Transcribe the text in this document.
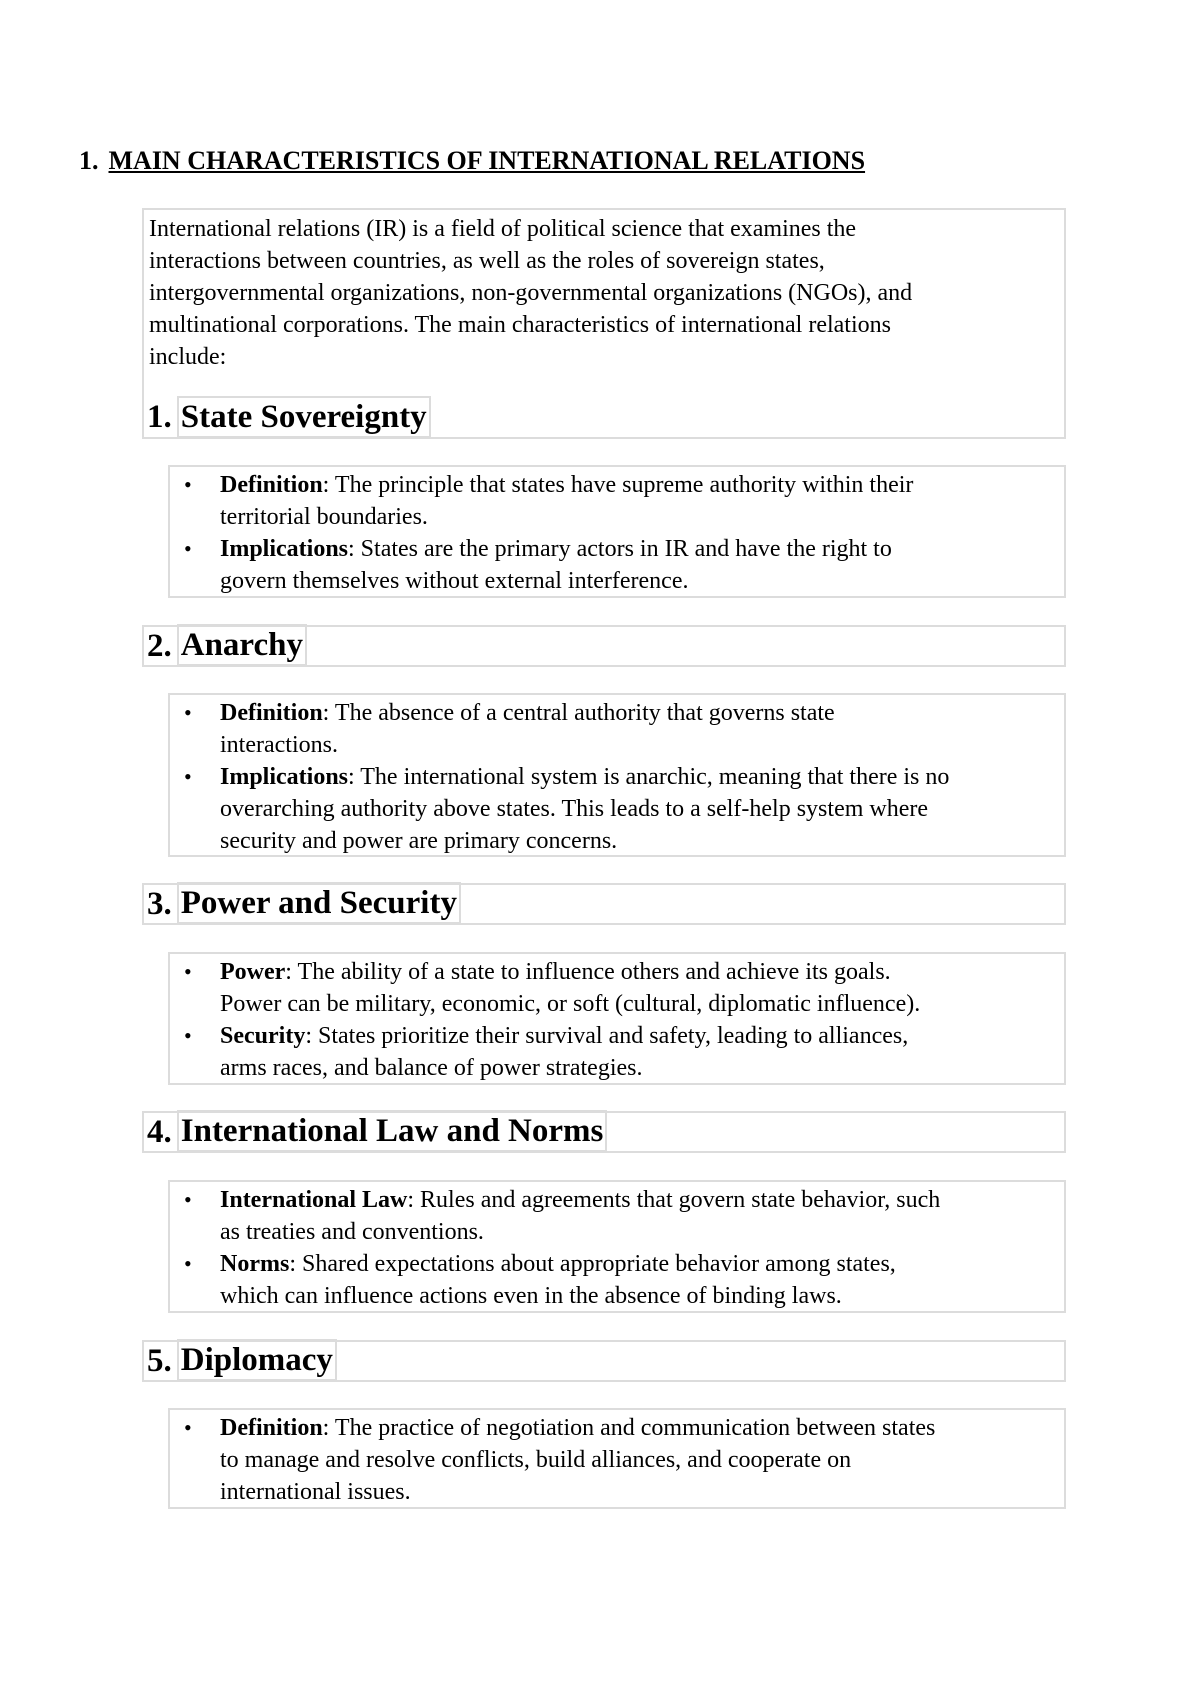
1. MAIN CHARACTERISTICS OF INTERNATIONAL RELATIONS
International relations (IR) is a field of political science that examines the
interactions between countries, as well as the roles of sovereign states,
intergovernmental organizations, non-governmental organizations (NGOs), and
multinational corporations. The main characteristics of international relations
include:
1. State Sovereignty
• Definition: The principle that states have supreme authority within their
territorial boundaries.
• Implications: States are the primary actors in IR and have the right to
govern themselves without external interference.
2. Anarchy
• Definition: The absence of a central authority that governs state
interactions.
• Implications: The international system is anarchic, meaning that there is no
overarching authority above states. This leads to a self-help system where
security and power are primary concerns.
3. Power and Security
• Power: The ability of a state to influence others and achieve its goals.
Power can be military, economic, or soft (cultural, diplomatic influence).
• Security: States prioritize their survival and safety, leading to alliances,
arms races, and balance of power strategies.
4. International Law and Norms
• International Law: Rules and agreements that govern state behavior, such
as treaties and conventions.
• Norms: Shared expectations about appropriate behavior among states,
which can influence actions even in the absence of binding laws.
5. Diplomacy
• Definition: The practice of negotiation and communication between states
to manage and resolve conflicts, build alliances, and cooperate on
international issues.
